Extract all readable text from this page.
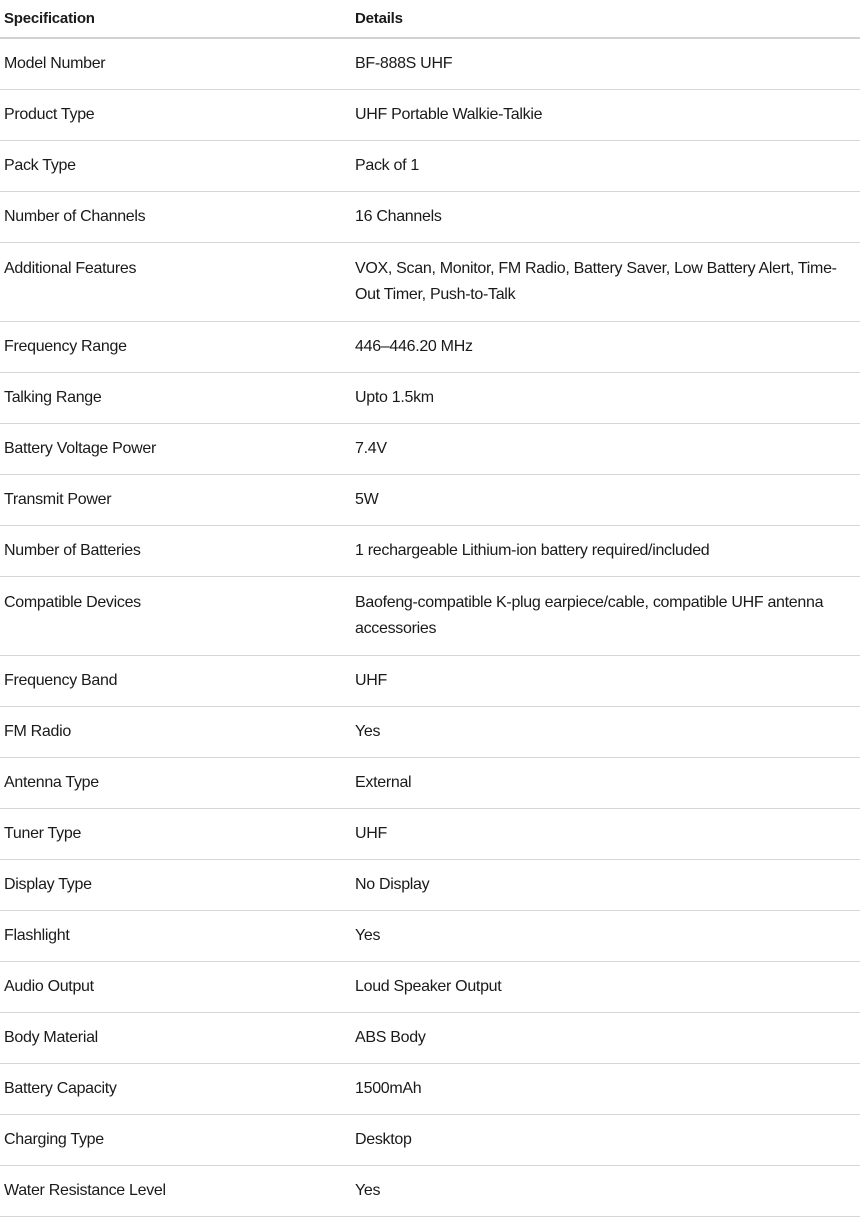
Specification	Details
Model Number	BF-888S UHF
Product Type	UHF Portable Walkie-Talkie
Pack Type	Pack of 1
Number of Channels	16 Channels
Additional Features	VOX, Scan, Monitor, FM Radio, Battery Saver, Low Battery Alert, Time-Out Timer, Push-to-Talk
Frequency Range	446–446.20 MHz
Talking Range	Upto 1.5km
Battery Voltage Power	7.4V
Transmit Power	5W
Number of Batteries	1 rechargeable Lithium-ion battery required/included
Compatible Devices	Baofeng-compatible K-plug earpiece/cable, compatible UHF antenna accessories
Frequency Band	UHF
FM Radio	Yes
Antenna Type	External
Tuner Type	UHF
Display Type	No Display
Flashlight	Yes
Audio Output	Loud Speaker Output
Body Material	ABS Body
Battery Capacity	1500mAh
Charging Type	Desktop
Water Resistance Level	Yes
